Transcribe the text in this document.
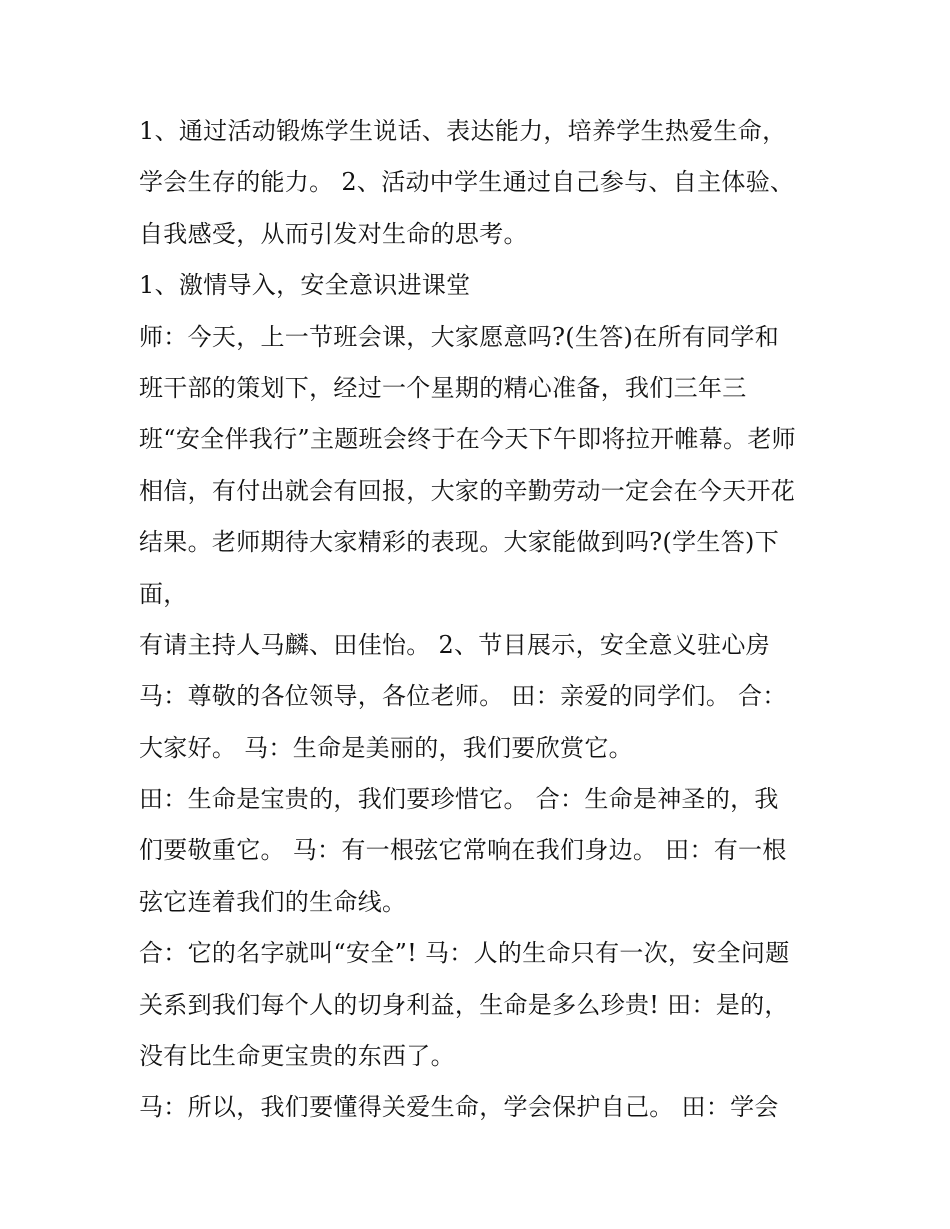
1、通过活动锻炼学生说话、表达能力，培养学生热爱生命，
学会生存的能力。 2、活动中学生通过自己参与、自主体验、
自我感受，从而引发对生命的思考。
1、激情导入，安全意识进课堂
师：今天，上一节班会课，大家愿意吗?(生答)在所有同学和
班干部的策划下，经过一个星期的精心准备，我们三年三
班“安全伴我行”主题班会终于在今天下午即将拉开帷幕。老师
相信，有付出就会有回报，大家的辛勤劳动一定会在今天开花
结果。老师期待大家精彩的表现。大家能做到吗?(学生答)下
面，
有请主持人马麟、田佳怡。 2、节目展示，安全意义驻心房
马：尊敬的各位领导，各位老师。 田：亲爱的同学们。 合：
大家好。 马：生命是美丽的，我们要欣赏它。
田：生命是宝贵的，我们要珍惜它。 合：生命是神圣的，我
们要敬重它。 马：有一根弦它常响在我们身边。 田：有一根
弦它连着我们的生命线。
合：它的名字就叫“安全”! 马：人的生命只有一次，安全问题
关系到我们每个人的切身利益，生命是多么珍贵! 田：是的，
没有比生命更宝贵的东西了。
马：所以，我们要懂得关爱生命，学会保护自己。 田：学会
